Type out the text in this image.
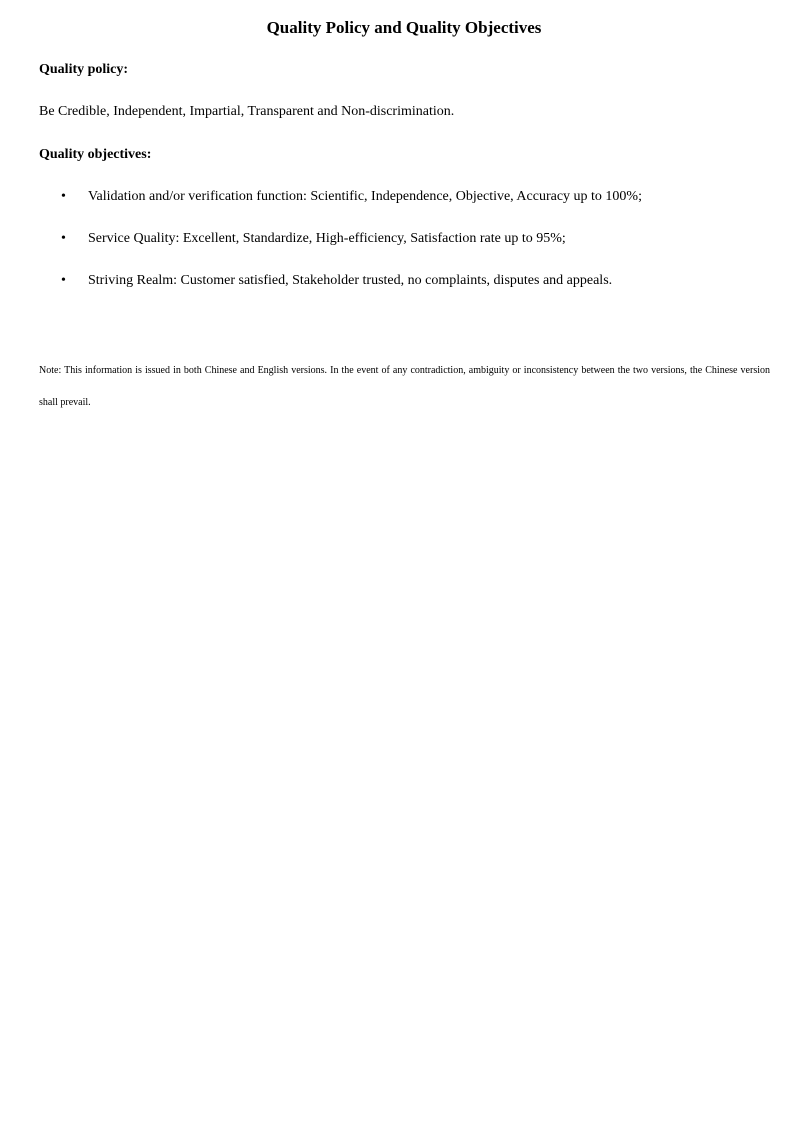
Quality Policy and Quality Objectives

Quality policy:

Be Credible, Independent, Impartial, Transparent and Non-discrimination.

Quality objectives:

• Validation and/or verification function: Scientific, Independence, Objective, Accuracy up to 100%;
• Service Quality: Excellent, Standardize, High-efficiency, Satisfaction rate up to 95%;
• Striving Realm: Customer satisfied, Stakeholder trusted, no complaints, disputes and appeals.

Note: This information is issued in both Chinese and English versions. In the event of any contradiction, ambiguity or inconsistency between the two versions, the Chinese version shall prevail.
